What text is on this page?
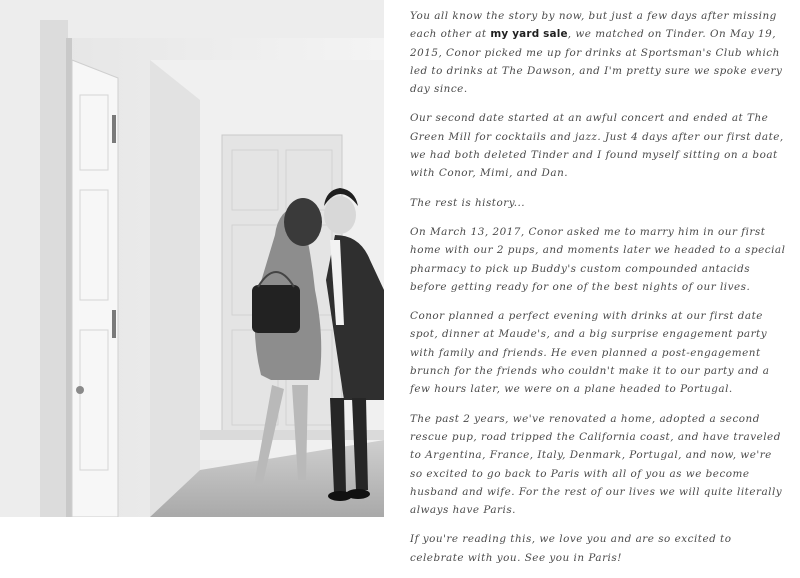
You all know the story by now, but just a few days after missing each other at my yard sale, we matched on Tinder. On May 19, 2015, Conor picked me up for drinks at Sportsman's Club which led to drinks at The Dawson, and I'm pretty sure we spoke every day since.

Our second date started at an awful concert and ended at The Green Mill for cocktails and jazz. Just 4 days after our first date, we had both deleted Tinder and I found myself sitting on a boat with Conor, Mimi, and Dan.

The rest is history...

On March 13, 2017, Conor asked me to marry him in our first home with our 2 pups, and moments later we headed to a special pharmacy to pick up Buddy's custom compounded antacids before getting ready for one of the best nights of our lives.

Conor planned a perfect evening with drinks at our first date spot, dinner at Maude's, and a big surprise engagement party with family and friends. He even planned a post-engagement brunch for the friends who couldn't make it to our party and a few hours later, we were on a plane headed to Portugal.

The past 2 years, we've renovated a home, adopted a second rescue pup, road tripped the California coast, and have traveled to Argentina, France, Italy, Denmark, Portugal, and now, we're so excited to go back to Paris with all of you as we become husband and wife. For the rest of our lives we will quite literally always have Paris.

If you're reading this, we love you and are so excited to celebrate with you. See you in Paris!
